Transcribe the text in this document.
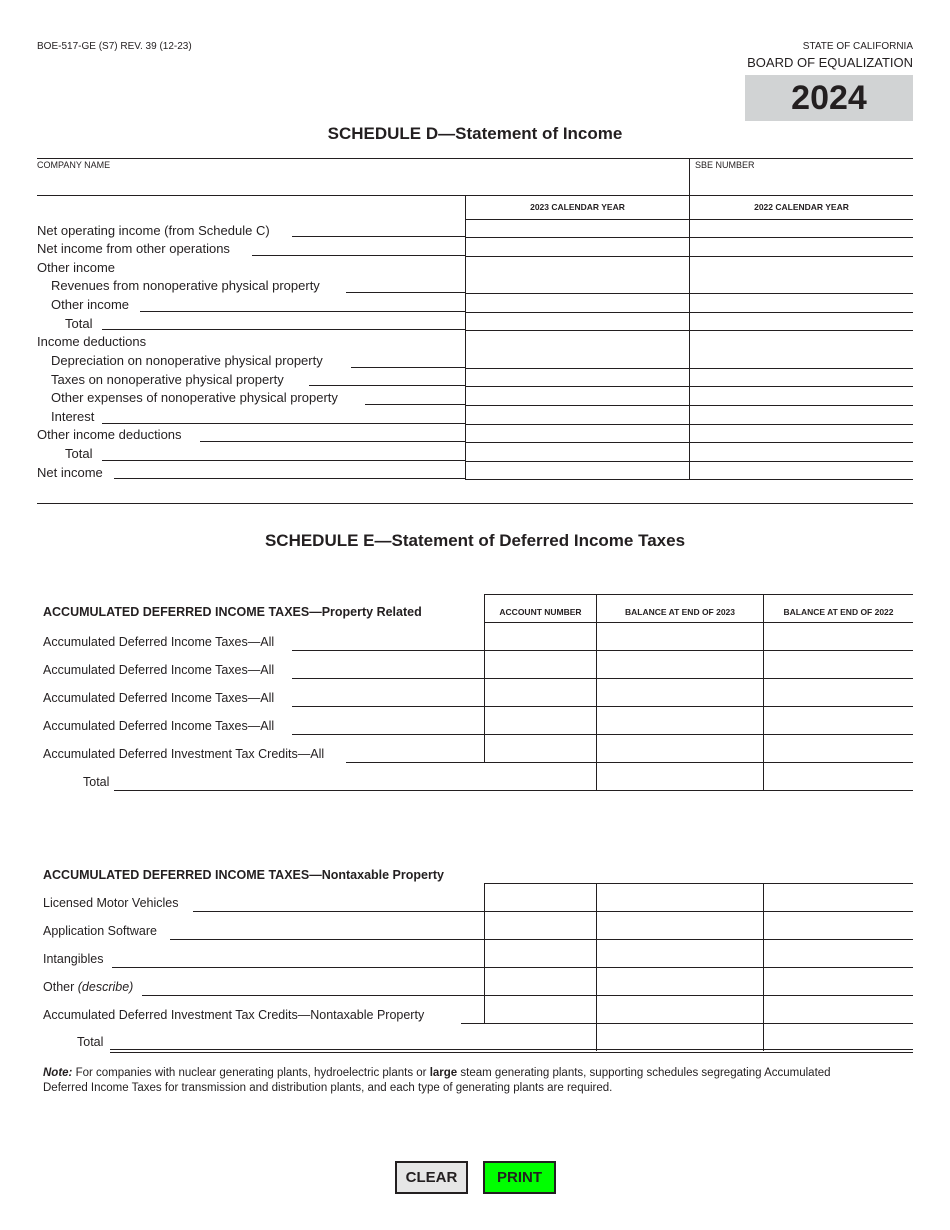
BOE-517-GE (S7) REV. 39 (12-23)	STATE OF CALIFORNIA
BOARD OF EQUALIZATION
2024
SCHEDULE D—Statement of Income
COMPANY NAME	SBE NUMBER
2023 CALENDAR YEAR	2022 CALENDAR YEAR
Net operating income (from Schedule C)
Net income from other operations
Other income
Revenues from nonoperative physical property
Other income
Total
Income deductions
Depreciation on nonoperative physical property
Taxes on nonoperative physical property
Other expenses of nonoperative physical property
Interest
Other income deductions
Total
Net income
SCHEDULE E—Statement of Deferred Income Taxes
ACCUMULATED DEFERRED INCOME TAXES—Property Related	ACCOUNT NUMBER	BALANCE AT END OF 2023	BALANCE AT END OF 2022
Accumulated Deferred Income Taxes—All
Accumulated Deferred Income Taxes—All
Accumulated Deferred Income Taxes—All
Accumulated Deferred Income Taxes—All
Accumulated Deferred Investment Tax Credits—All
Total
ACCUMULATED DEFERRED INCOME TAXES—Nontaxable Property
Licensed Motor Vehicles
Application Software
Intangibles
Other (describe)
Accumulated Deferred Investment Tax Credits—Nontaxable Property
Total
Note: For companies with nuclear generating plants, hydroelectric plants or large steam generating plants, supporting schedules segregating Accumulated Deferred Income Taxes for transmission and distribution plants, and each type of generating plants are required.
CLEAR	PRINT
